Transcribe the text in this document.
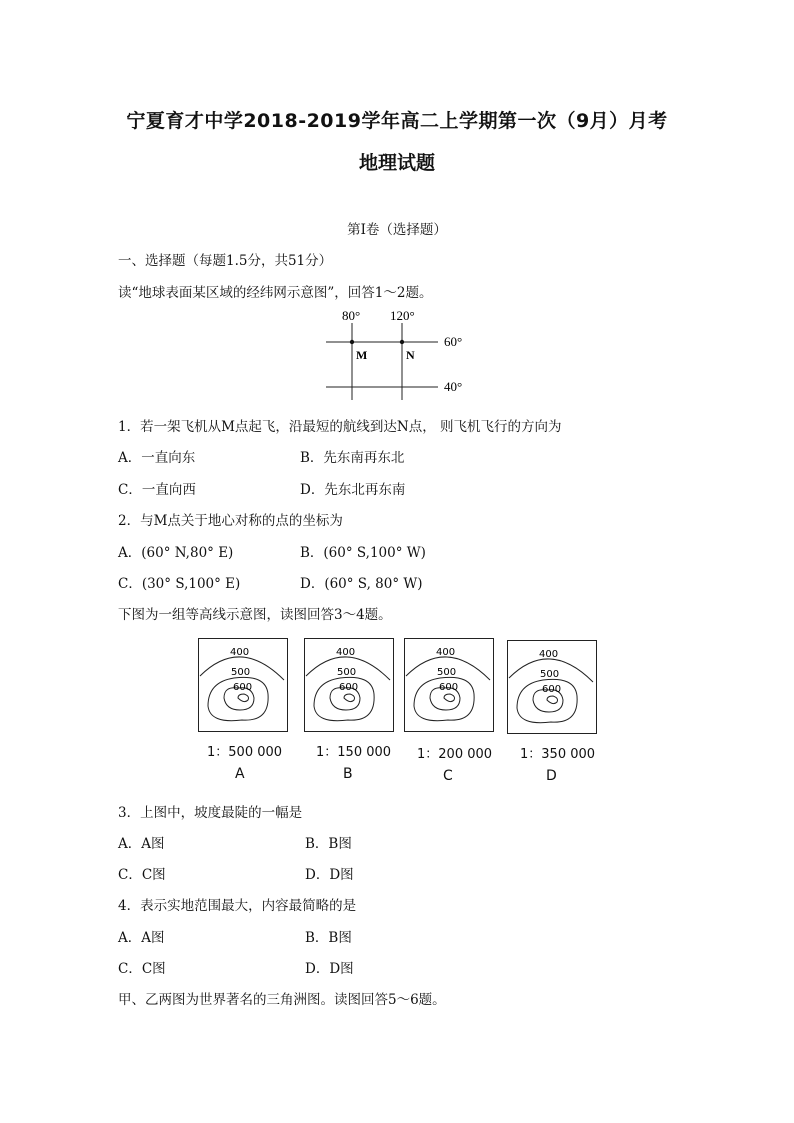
宁夏育才中学2018-2019学年高二上学期第一次（9月）月考
地理试题
第Ⅰ卷（选择题）
一、选择题（每题1.5分，共51分）
读“地球表面某区域的经纬网示意图”，回答1～2题。
80° 120°
60°
40°
M	N
1．若一架飞机从M点起飞，沿最短的航线到达N点， 则飞机飞行的方向为
A．一直向东	B．先东南再东北
C．一直向西	D．先东北再东南
2．与M点关于地心对称的点的坐标为
A．(60° N,80° E)	B．(60° S,100° W)
C．(30° S,100° E)	D．(60° S, 80° W)
下图为一组等高线示意图，读图回答3～4题。
400
500
600
400
500
600
400
500
600
400
500
600
1：500 000	1：150 000 1：200 000 1：350 000
A	B	C	D
3．上图中，坡度最陡的一幅是
A．A图	B．B图
C．C图	D．D图
4．表示实地范围最大，内容最简略的是
A．A图	B．B图
C．C图	D．D图
甲、乙两图为世界著名的三角洲图。读图回答5～6题。
